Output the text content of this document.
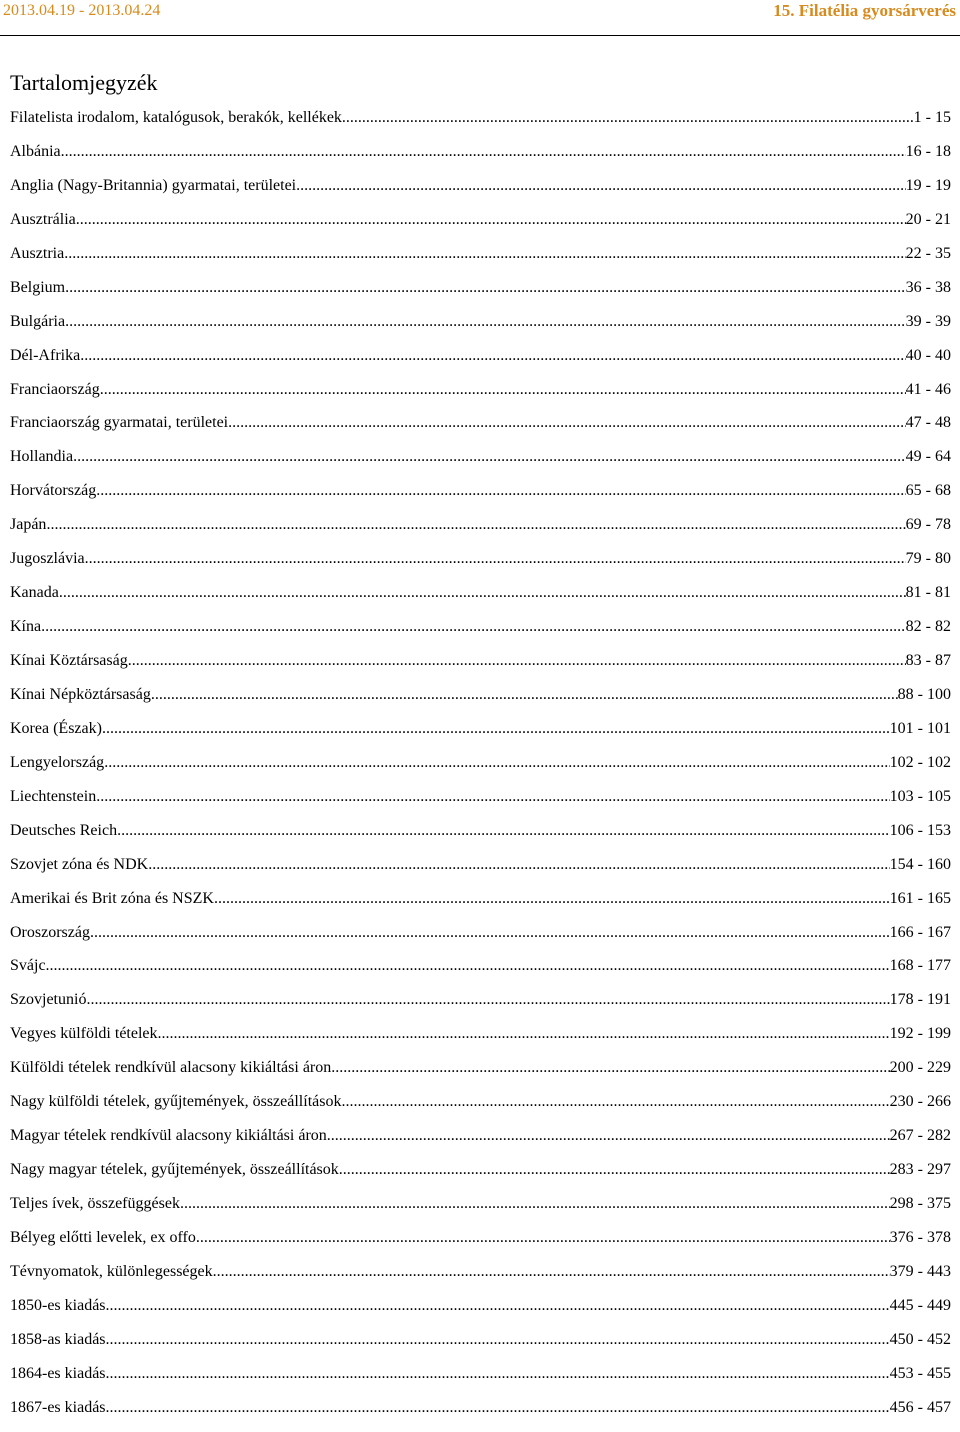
2013.04.19 - 2013.04.24	15. Filatélia gyorsárverés
Tartalomjegyzék
Filatelista irodalom, katalógusok, berakók, kellékek .....	1 - 15
Albánia .....	16 - 18
Anglia (Nagy-Britannia) gyarmatai, területei .....	19 - 19
Ausztrália .....	20 - 21
Ausztria .....	22 - 35
Belgium .....	36 - 38
Bulgária .....	39 - 39
Dél-Afrika .....	40 - 40
Franciaország .....	41 - 46
Franciaország gyarmatai, területei .....	47 - 48
Hollandia .....	49 - 64
Horvátország .....	65 - 68
Japán .....	69 - 78
Jugoszlávia .....	79 - 80
Kanada .....	81 - 81
Kína .....	82 - 82
Kínai Köztársaság .....	83 - 87
Kínai Népköztársaság .....	88 - 100
Korea (Észak) .....	101 - 101
Lengyelország .....	102 - 102
Liechtenstein .....	103 - 105
Deutsches Reich .....	106 - 153
Szovjet zóna és NDK .....	154 - 160
Amerikai és Brit zóna és NSZK .....	161 - 165
Oroszország .....	166 - 167
Svájc .....	168 - 177
Szovjetunió .....	178 - 191
Vegyes külföldi tételek .....	192 - 199
Külföldi tételek rendkívül alacsony kikiáltási áron .....	200 - 229
Nagy külföldi tételek, gyűjtemények, összeállítások .....	230 - 266
Magyar tételek rendkívül alacsony kikiáltási áron .....	267 - 282
Nagy magyar tételek, gyűjtemények, összeállítások .....	283 - 297
Teljes ívek, összefüggések .....	298 - 375
Bélyeg előtti levelek, ex offo .....	376 - 378
Tévnyomatok, különlegességek .....	379 - 443
1850-es kiadás .....	445 - 449
1858-as kiadás .....	450 - 452
1864-es kiadás .....	453 - 455
1867-es kiadás .....	456 - 457
